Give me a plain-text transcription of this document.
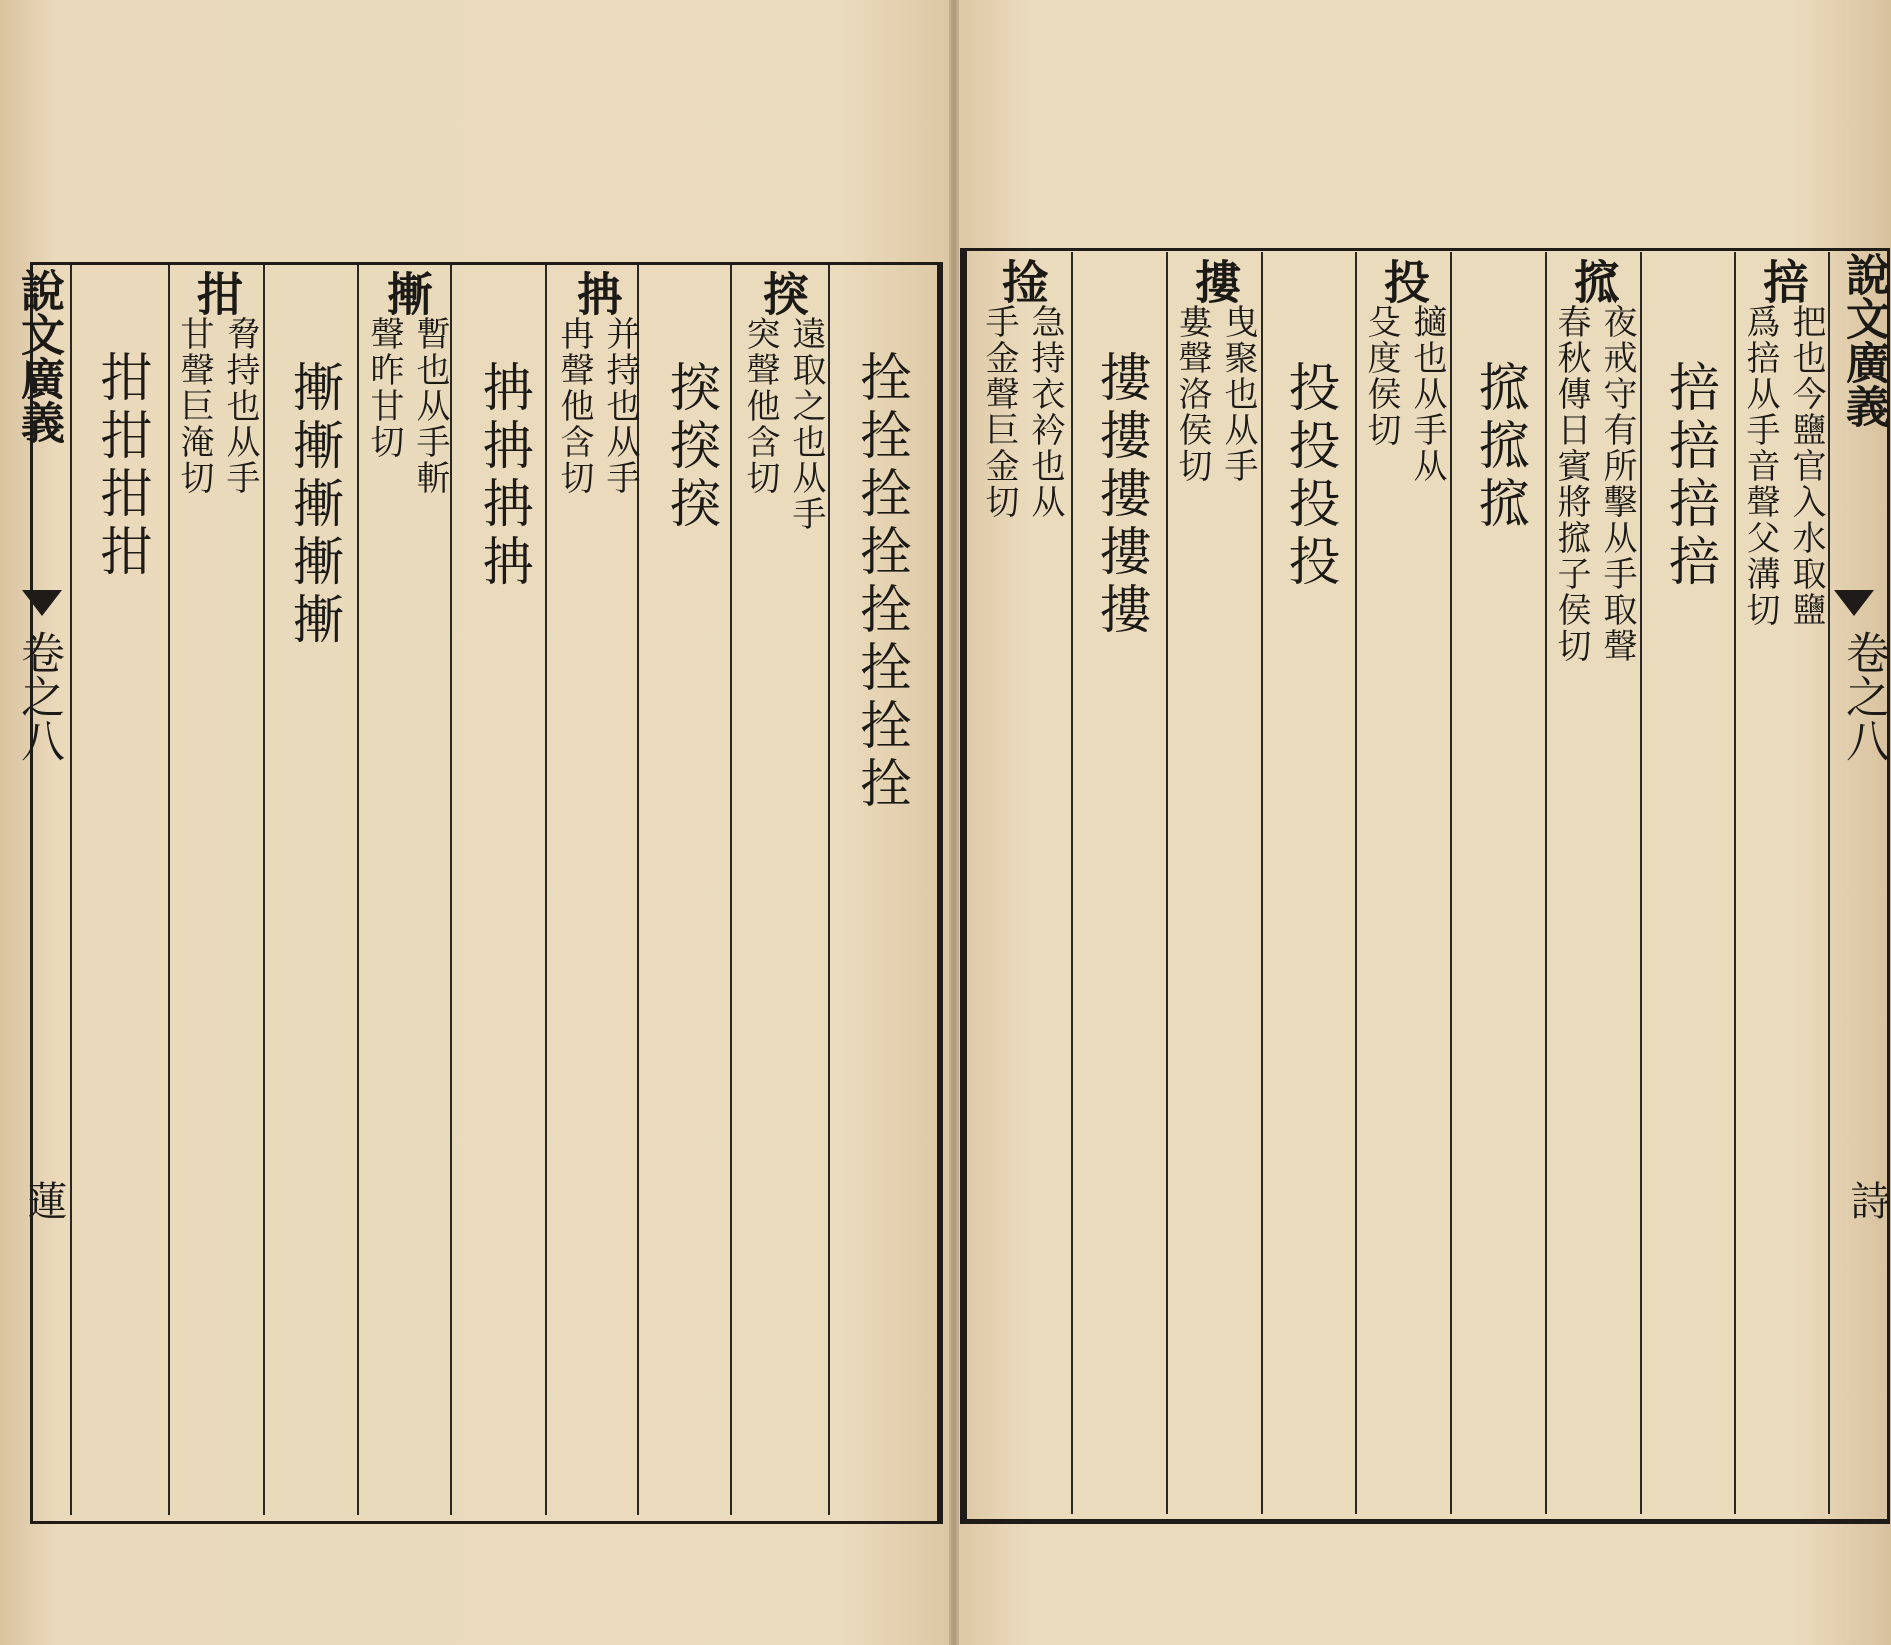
說文廣義
卷之八
蓮
拴拴拴拴拴拴拴拴
揬
遠取之也从手
突聲他含切
揬揬揬
抩
并持也从手
冉聲他含切
抩抩抩抩
摲
暫也从手斬
聲昨甘切
摲摲摲摲摲
拑
脅持也从手
甘聲巨淹切
拑拑拑拑
說文廣義
卷之八
詩
掊
把也今鹽官入水取鹽
爲掊从手音聲父溝切
掊掊掊掊
搲
夜戒守有所擊从手取聲
春秋傳日賓將搲子侯切
搲搲搲
投
擿也从手从
殳度侯切
投投投投
摟
曳聚也从手
婁聲洛侯切
摟摟摟摟摟
捦
急持衣衿也从
手金聲巨金切
